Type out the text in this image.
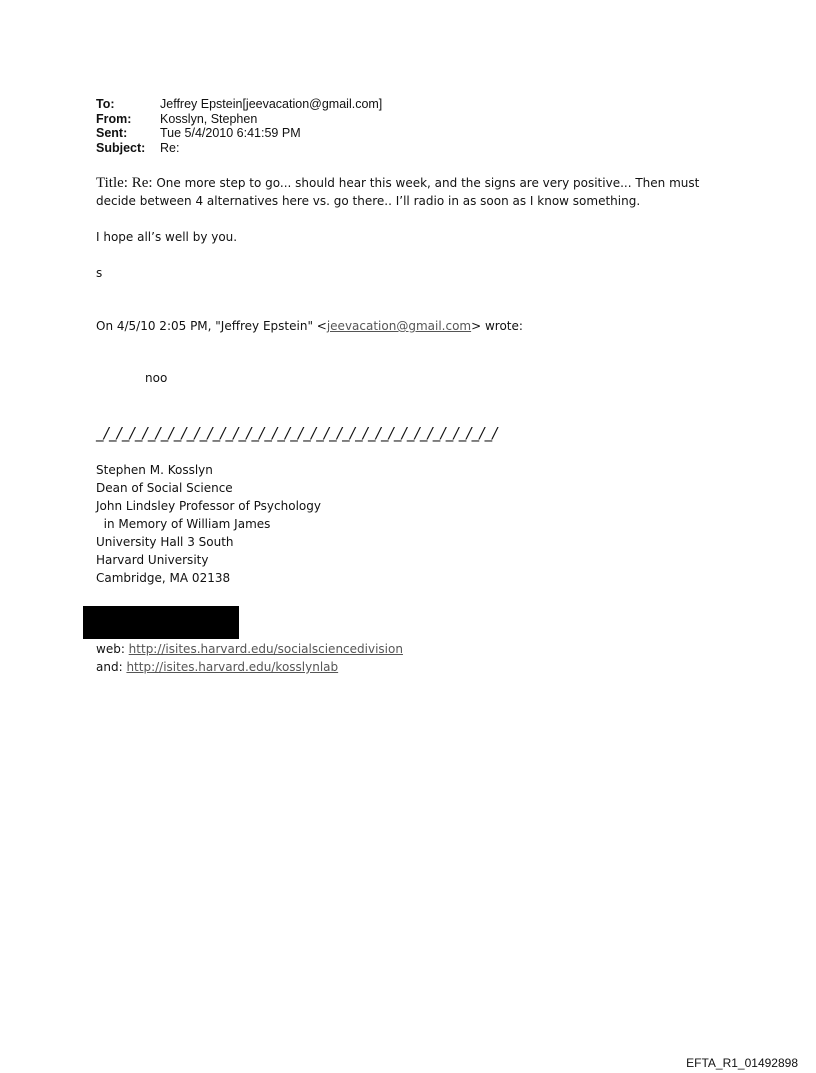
To:	Jeffrey Epstein[jeevacation@gmail.com]
From:	Kosslyn, Stephen
Sent:	Tue 5/4/2010 6:41:59 PM
Subject:	Re:
Title: Re: One more step to go... should hear this week, and the signs are very positive... Then must decide between 4 alternatives here vs. go there.. I’ll radio in as soon as I know something.
I hope all’s well by you.
s
On 4/5/10 2:05 PM, "Jeffrey Epstein" <jeevacation@gmail.com> wrote:
noo
_/_/_/_/_/_/_/_/_/_/_/_/_/_/_/_/_/_/_/_/_/_/_/_/_/_/_/_/_/_/_/
Stephen M. Kosslyn
Dean of Social Science
John Lindsley Professor of Psychology
in Memory of William James
University Hall 3 South
Harvard University
Cambridge, MA 02138
web: http://isites.harvard.edu/socialsciencedivision
and: http://isites.harvard.edu/kosslynlab
EFTA_R1_01492898
